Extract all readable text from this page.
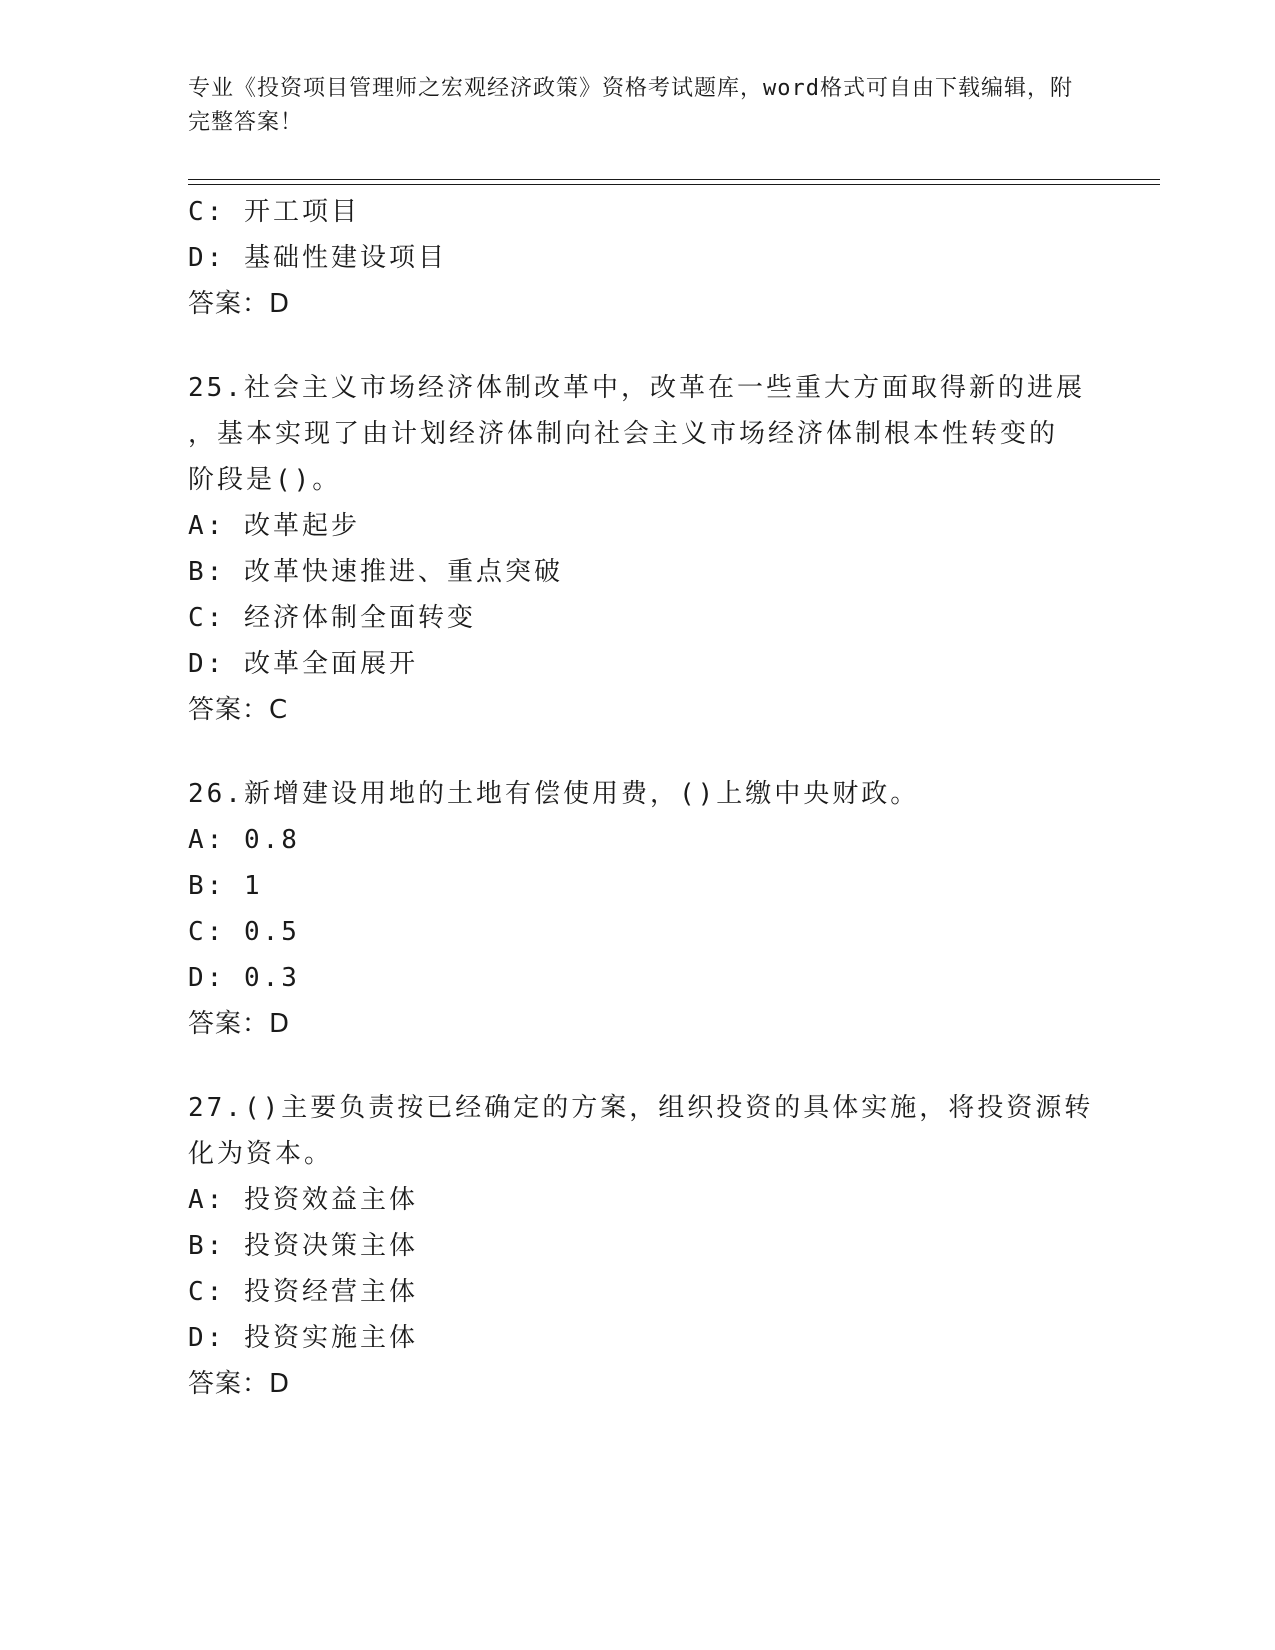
专业《投资项目管理师之宏观经济政策》资格考试题库，word格式可自由下载编辑，附完整答案！
C: 开工项目
D: 基础性建设项目
答案：D
25.社会主义市场经济体制改革中，改革在一些重大方面取得新的进展
，基本实现了由计划经济体制向社会主义市场经济体制根本性转变的
阶段是()。
A: 改革起步
B: 改革快速推进、重点突破
C: 经济体制全面转变
D: 改革全面展开
答案：C
26.新增建设用地的土地有偿使用费，()上缴中央财政。
A: 0.8
B: 1
C: 0.5
D: 0.3
答案：D
27.()主要负责按已经确定的方案，组织投资的具体实施，将投资源转
化为资本。
A: 投资效益主体
B: 投资决策主体
C: 投资经营主体
D: 投资实施主体
答案：D
